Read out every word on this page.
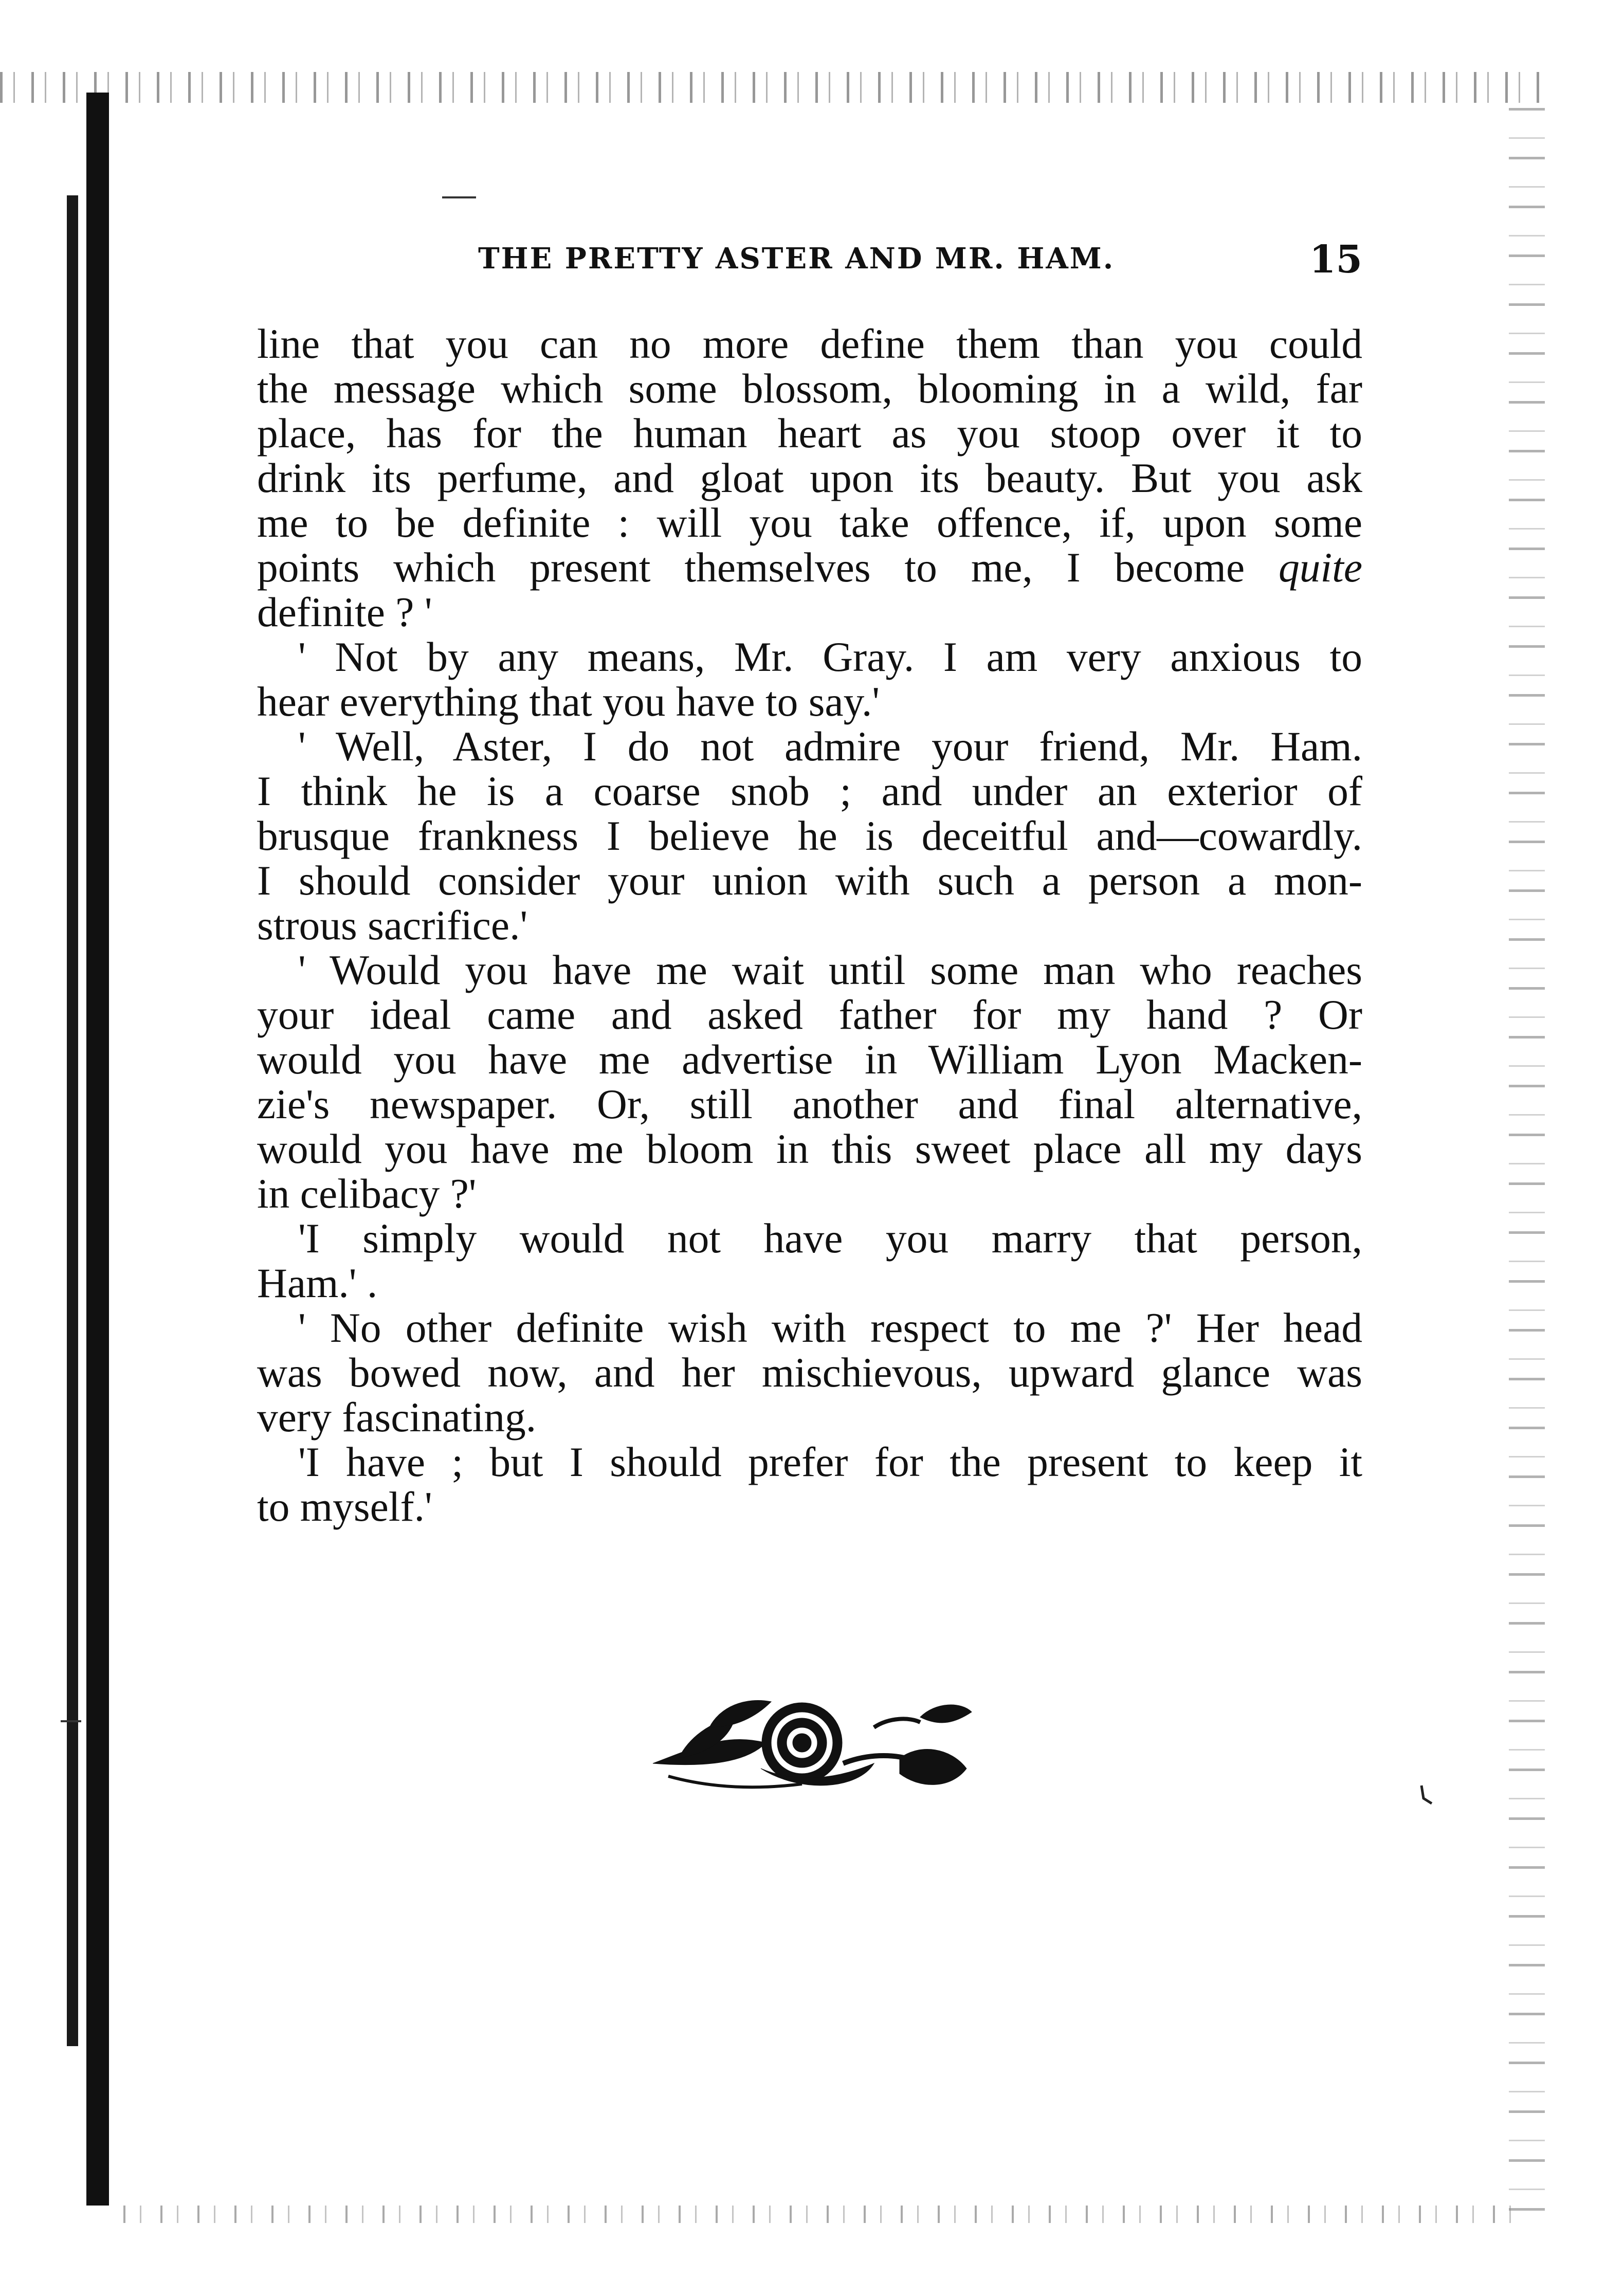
THE PRETTY ASTER AND MR. HAM.	15
line that you can no more define them than you could
the message which some blossom, blooming in a wild, far
place, has for the human heart as you stoop over it to
drink its perfume, and gloat upon its beauty. But you ask
me to be definite : will you take offence, if, upon some
points which present themselves to me, I become quite
definite ? '
' Not by any means, Mr. Gray. I am very anxious to
hear everything that you have to say.'
' Well, Aster, I do not admire your friend, Mr. Ham.
I think he is a coarse snob ; and under an exterior of
brusque frankness I believe he is deceitful and—cowardly.
I should consider your union with such a person a mon-
strous sacrifice.'
' Would you have me wait until some man who reaches
your ideal came and asked father for my hand ? Or
would you have me advertise in William Lyon Macken-
zie's newspaper. Or, still another and final alternative,
would you have me bloom in this sweet place all my days
in celibacy ?'
'I simply would not have you marry that person,
Ham.' .
' No other definite wish with respect to me ?' Her head
was bowed now, and her mischievous, upward glance was
very fascinating.
'I have ; but I should prefer for the present to keep it
to myself.'
